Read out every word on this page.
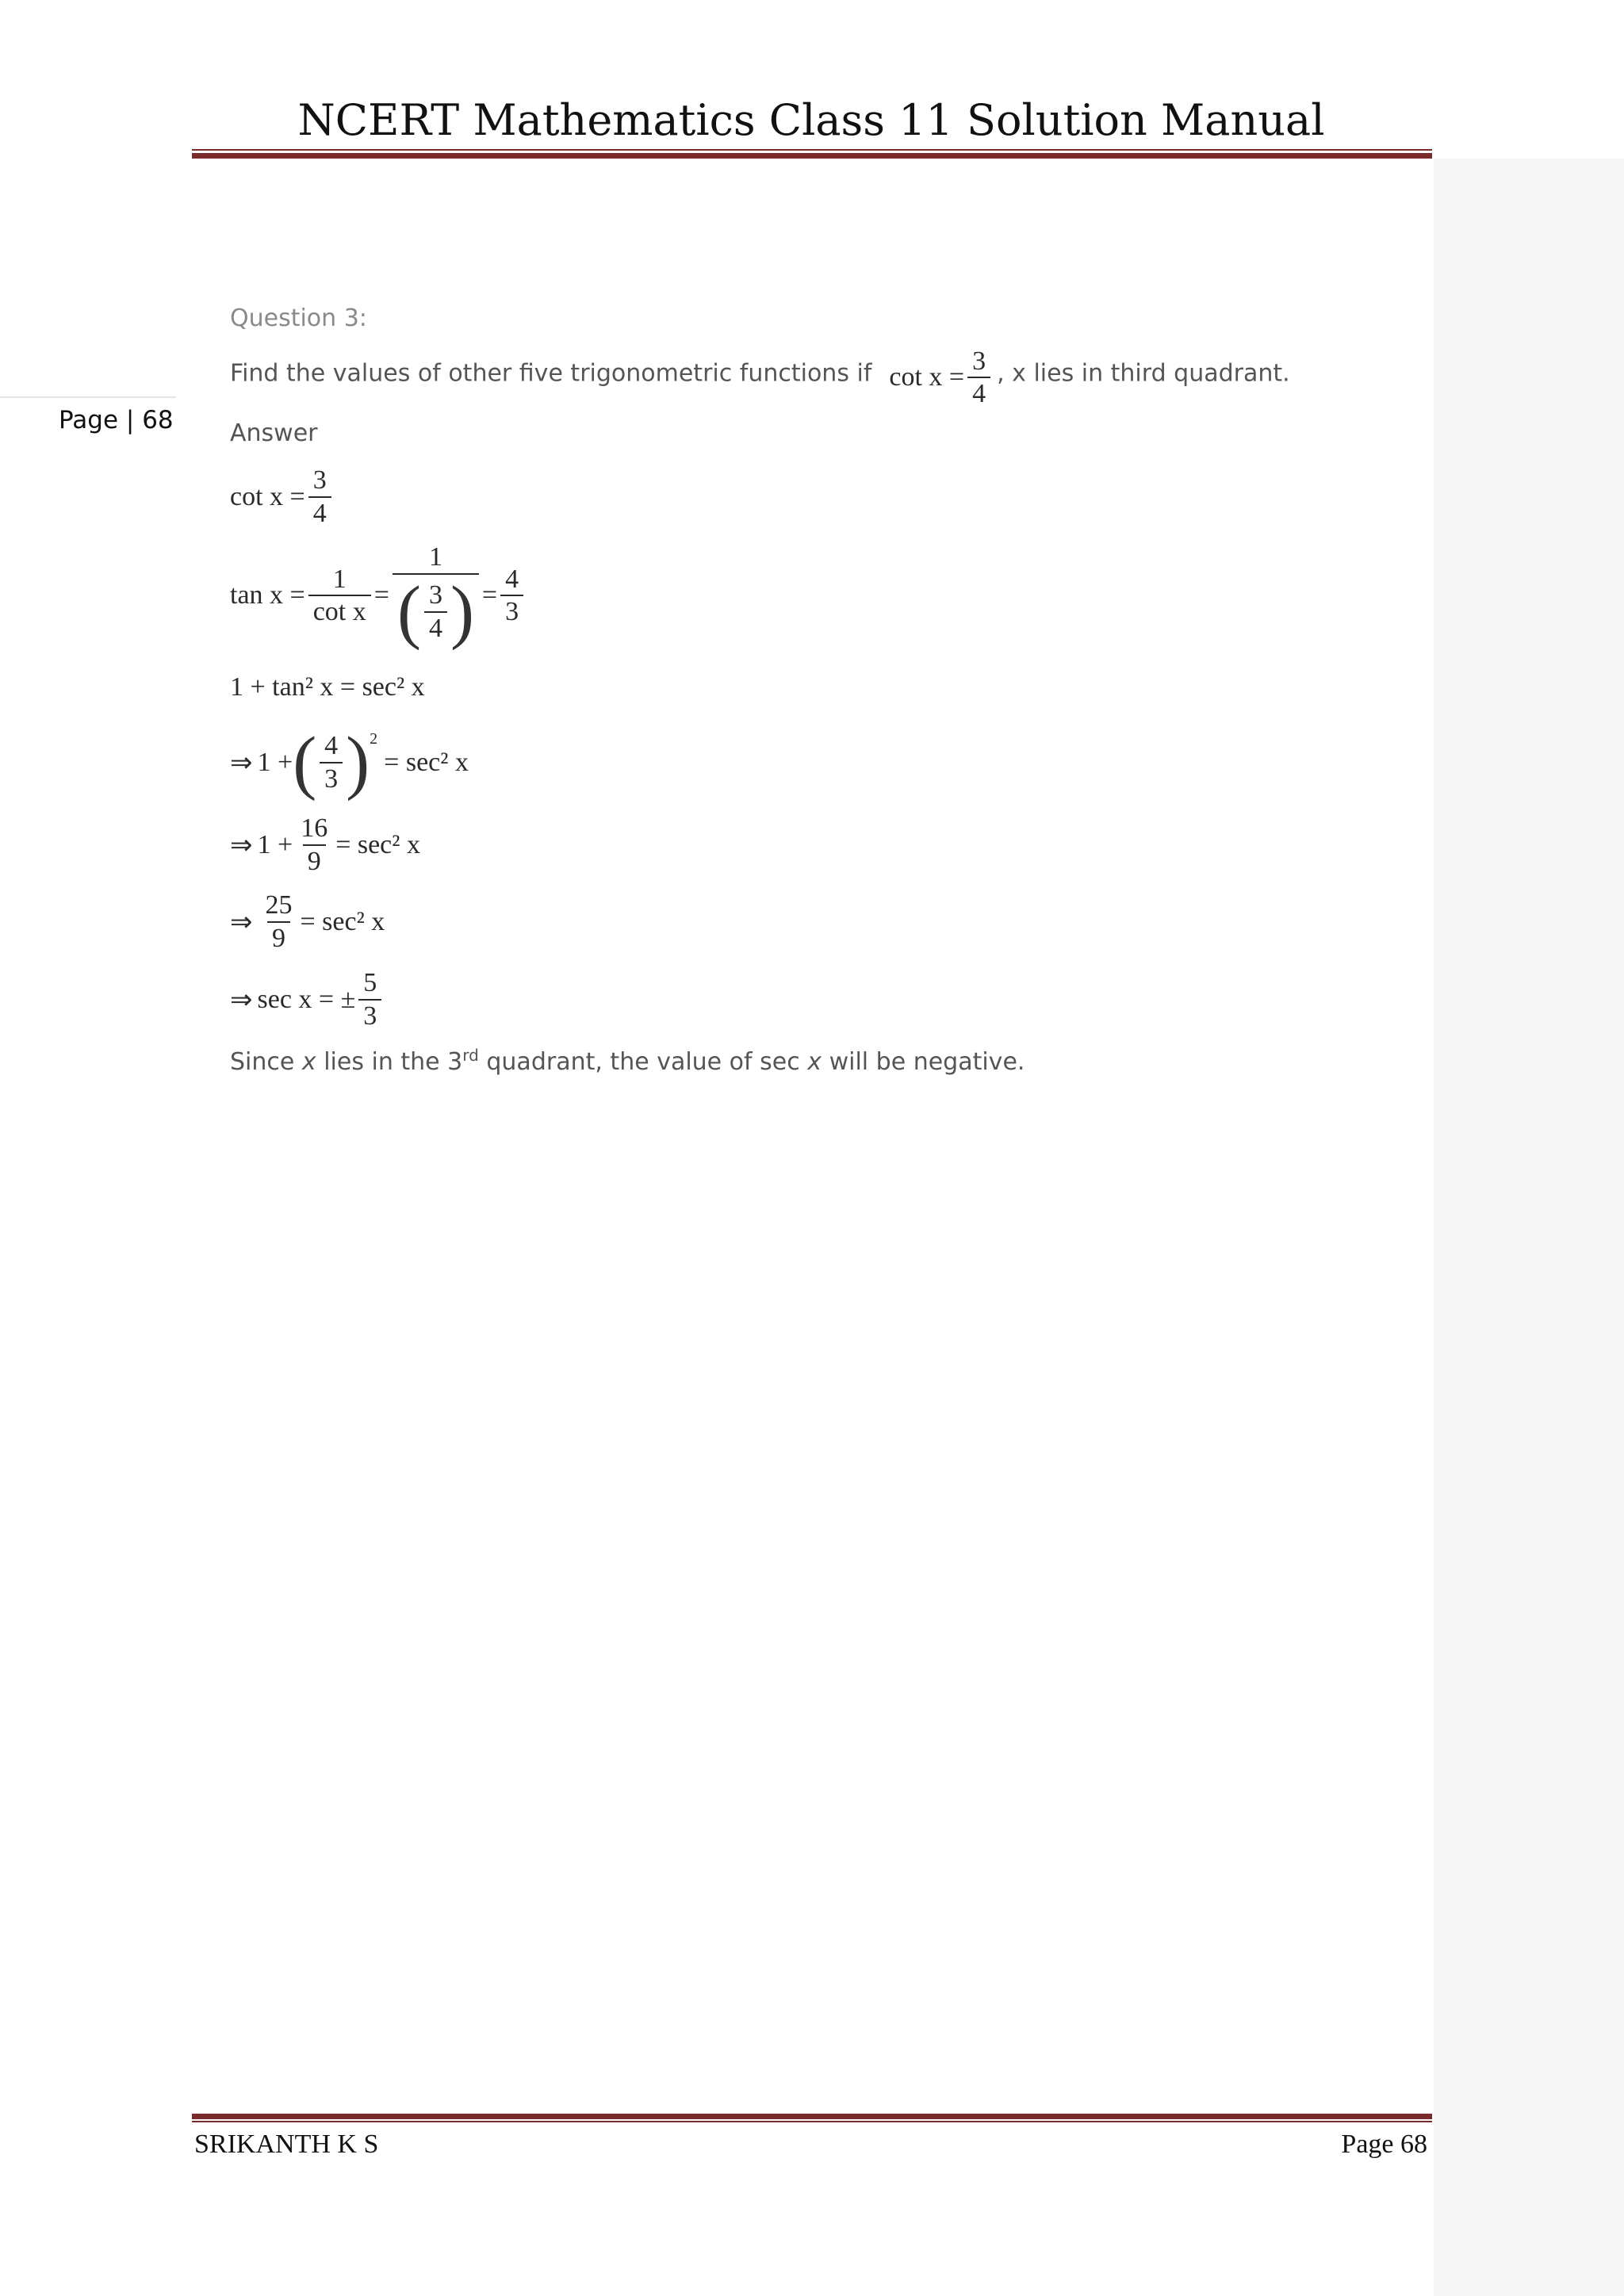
NCERT Mathematics Class 11 Solution Manual
Page | 68
Question 3:
Find the values of other five trigonometric functions if $\cot x = \frac{3}{4}$ , x lies in third quadrant.
Answer
$\cot x = \frac{3}{4}$
$\tan x = \frac{1}{\text{cot x}} = \frac{1}{( \frac{3}{4} )} = \frac{4}{3}$
1 + tan² x = sec² x
⇒ 1 + ( $\frac{4}{3} )^2$
= sec² x
⇒ $1 + \frac{16}{9} = \sec^2$ x
⇒ $\frac{25}{9} = \sec^2$ x
⇒ sec x = ± $\frac{5}{3}$
Since x lies in the 3rd quadrant, the value of sec x will be negative.
SRIKANTH K S	Page 68
